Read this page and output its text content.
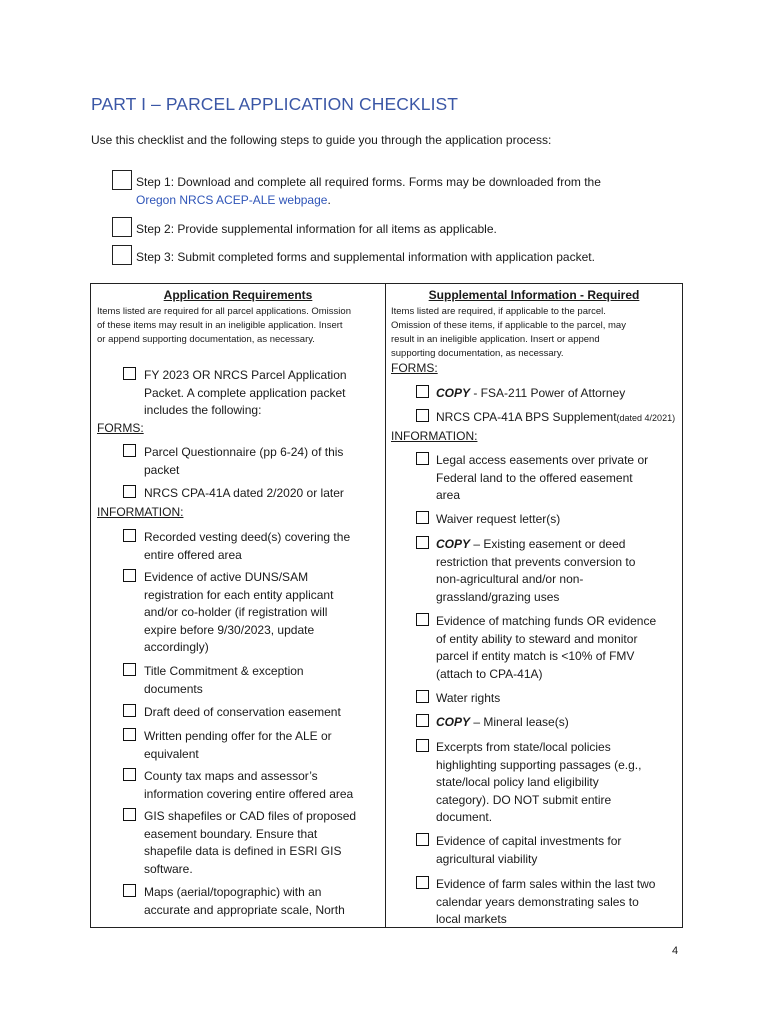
PART I – PARCEL APPLICATION CHECKLIST
Use this checklist and the following steps to guide you through the application process:
Step 1: Download and complete all required forms. Forms may be downloaded from the
Oregon NRCS ACEP-ALE webpage.
Step 2: Provide supplemental information for all items as applicable.
Step 3: Submit completed forms and supplemental information with application packet.
Application Requirements
Items listed are required for all parcel applications. Omission
of these items may result in an ineligible application. Insert
or append supporting documentation, as necessary.
Supplemental Information - Required
Items listed are required, if applicable to the parcel.
Omission of these items, if applicable to the parcel, may
result in an ineligible application. Insert or append
supporting documentation, as necessary.
FY 2023 OR NRCS Parcel Application
Packet. A complete application packet
includes the following:
FORMS:
Parcel Questionnaire (pp 6-24) of this
packet
NRCS CPA-41A dated 2/2020 or later
INFORMATION:
Recorded vesting deed(s) covering the
entire offered area
Evidence of active DUNS/SAM
registration for each entity applicant
and/or co-holder (if registration will
expire before 9/30/2023, update
accordingly)
Title Commitment & exception
documents
Draft deed of conservation easement
Written pending offer for the ALE or
equivalent
County tax maps and assessor’s
information covering entire offered area
GIS shapefiles or CAD files of proposed
easement boundary. Ensure that
shapefile data is defined in ESRI GIS
software.
Maps (aerial/topographic) with an
accurate and appropriate scale, North
FORMS:
COPY - FSA-211 Power of Attorney
NRCS CPA-41A BPS Supplement(dated 4/2021)
INFORMATION:
Legal access easements over private or
Federal land to the offered easement
area
Waiver request letter(s)
COPY – Existing easement or deed
restriction that prevents conversion to
non-agricultural and/or non-
grassland/grazing uses
Evidence of matching funds OR evidence
of entity ability to steward and monitor
parcel if entity match is <10% of FMV
(attach to CPA-41A)
Water rights
COPY – Mineral lease(s)
Excerpts from state/local policies
highlighting supporting passages (e.g.,
state/local policy land eligibility
category). DO NOT submit entire
document.
Evidence of capital investments for
agricultural viability
Evidence of farm sales within the last two
calendar years demonstrating sales to
local markets
4
